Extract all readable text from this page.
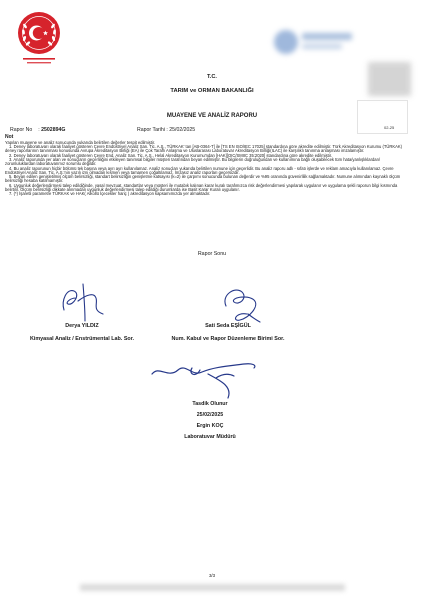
02-25
T.C.
TARIM ve ORMAN BAKANLIĞI
MUAYENE VE ANALİZ RAPORU
Rapor No : 2502894G	Rapor Tarihi : 25/02/2025
Not

Yapılan muayene ve analiz sonucunda yukarıda belirtilen değerler tespit edilmiştir.

1. Deney laboratuvarı olarak faaliyet gösteren Çevre Endüstriyel Analiz San. Tic. A.Ş., TÜRKAK' tan [AB-0364-T] ile [TS EN ISO/IEC 17025] standardına göre akredite edilmiştir. Türk Akreditasyon Kurumu (TÜRKAK) deney raporlarının tanınması konusunda Avrupa Akreditasyon Birliği (EA) ile Çok Taraflı Anlaşma ve Uluslararası Laboratuvar Akreditasyon Birliği(ILAC) ile karşılıklı tanınma anlaşması imzalamıştır.

2. Deney laboratuvarı olarak faaliyet gösteren Çevre End. Analiz San. Tic. A.Ş., Helal Akreditasyon Kurumu'ndan [HAK][OIC/SMIIC 35:2020] standardına göre akredite edilmiştir.

3. Analiz raporunda yer alan ve sonuçların geçerliliğini etkileyen tanımsal bilgiler müşteri tarafından beyan edilmiştir. Bu bilgilerin doğruluğundan ve kullanımına bağlı oluşabilecek tüm hata/yanlışlıklardan/ zorunluluklardan laboratuvarımız sorumlu değildir.

4. Bu analiz raporunun hiçbir bölümü tek başına veya ayrı ayrı kullanılamaz. Analiz sonuçları yukarıda belirtilen numune için geçerlidir. Bu analiz raporu adlı - sıfatı işlerde ve reklam amacıyla kullanılamaz. Çevre Endüstriyel Analiz San. Tic. A.Ş.'nin yazılı izni olmadan kısmen veya tamamen çoğaltılamaz. İmzasız analiz raporları geçersizdir.

5. Beyan edilen genişletilmiş ölçüm belirsizliği, standart belirsizliğin genişletme katsayısı (k=2) ile çarpımı sonucunda bulunan değerdir ve %95 oranında güvenirlilik sağlamaktadır. Numune alımından kaynaklı ölçüm belirsizliği hesaba katılmamıştır.

6. Uygunluk değerlendirmesi talep edildiğinde, yasal mevzuat, standartlar veya müşteri ile mutabık kalınan karar kuralı tarafımızca risk değerlendirmesi yapılarak uygulanır ve uygulama şekli raporun bilgi kısmında belirtilir. Ölçüm belirsizliği dikkate alınmadan uygunluk değerlendirmesi talep edildiği durumlarda ise Basit Karar Kuralı uygulanır.

7. (*) İşaretli parametre TÜRKAK ve HAK( Alkollü İçecekler hariç ) akreditasyon kapsamımızda yer almaktadır.

Rapor Sonu
Derya YILDIZ
Kimyasal Analiz / Enstrümental Lab. Sor.
Sati Seda EŞİGÜL
Num. Kabul ve Rapor Düzenleme Birimi Sor.
Tasdik Olunur
25/02/2025
Ergin KOÇ
Laboratuvar Müdürü
3/3
